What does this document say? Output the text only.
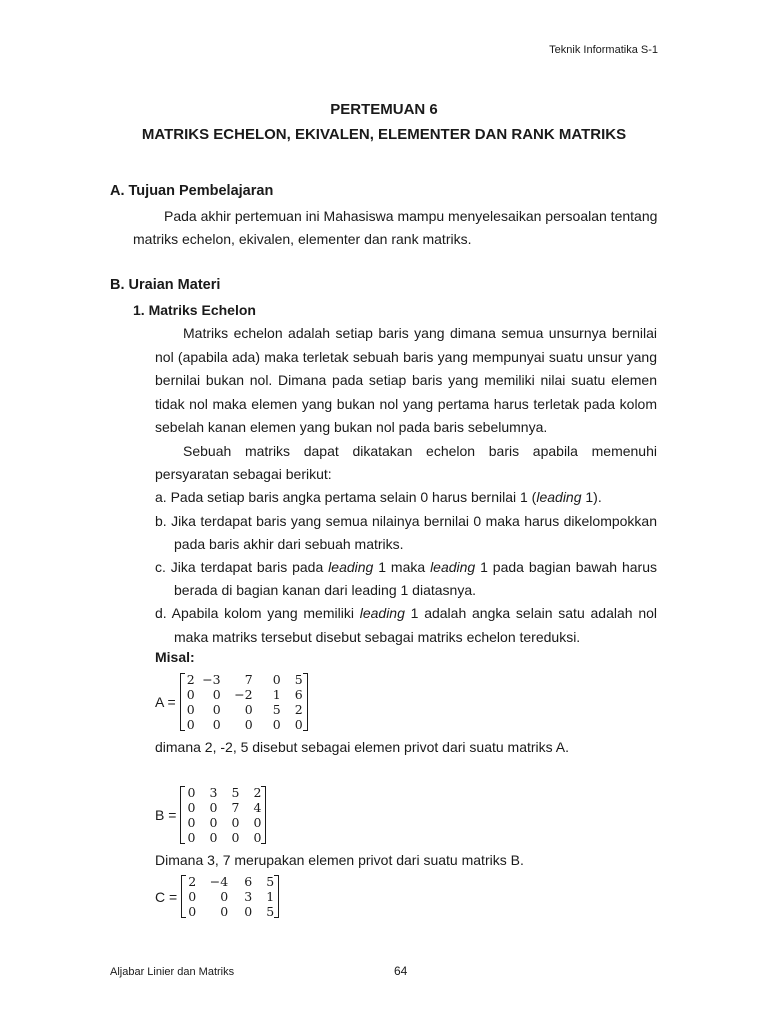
Teknik Informatika S-1
PERTEMUAN 6
MATRIKS ECHELON, EKIVALEN, ELEMENTER DAN RANK MATRIKS
A. Tujuan Pembelajaran
Pada akhir pertemuan ini Mahasiswa mampu menyelesaikan persoalan tentang
matriks echelon, ekivalen, elementer dan rank matriks.
B. Uraian Materi
1. Matriks Echelon
Matriks echelon adalah setiap baris yang dimana semua unsurnya bernilai
nol (apabila ada) maka terletak sebuah baris yang mempunyai suatu unsur yang
bernilai bukan nol. Dimana pada setiap baris yang memiliki nilai suatu elemen
tidak nol maka elemen yang bukan nol yang pertama harus terletak pada kolom
sebelah kanan elemen yang bukan nol pada baris sebelumnya.
Sebuah matriks dapat dikatakan echelon baris apabila memenuhi
persyaratan sebagai berikut:
a. Pada setiap baris angka pertama selain 0 harus bernilai 1 (leading 1).
b. Jika terdapat baris yang semua nilainya bernilai 0 maka harus dikelompokkan
pada baris akhir dari sebuah matriks.
c. Jika terdapat baris pada leading 1 maka leading 1 pada bagian bawah harus
berada di bagian kanan dari leading 1 diatasnya.
d. Apabila kolom yang memiliki leading 1 adalah angka selain satu adalah nol
maka matriks tersebut disebut sebagai matriks echelon tereduksi.
Misal:
A =
2	−3	7	0	5
0	0	−2	1	6
0	0	0	5	2
0	0	0	0	0
dimana 2, -2, 5 disebut sebagai elemen privot dari suatu matriks A.
B =
0	3	5	2
0	0	7	4
0	0	0	0
0	0	0	0
Dimana 3, 7 merupakan elemen privot dari suatu matriks B.
C =
2	−4	6	5
0	0	3	1
0	0	0	5
Aljabar Linier dan Matriks	64
